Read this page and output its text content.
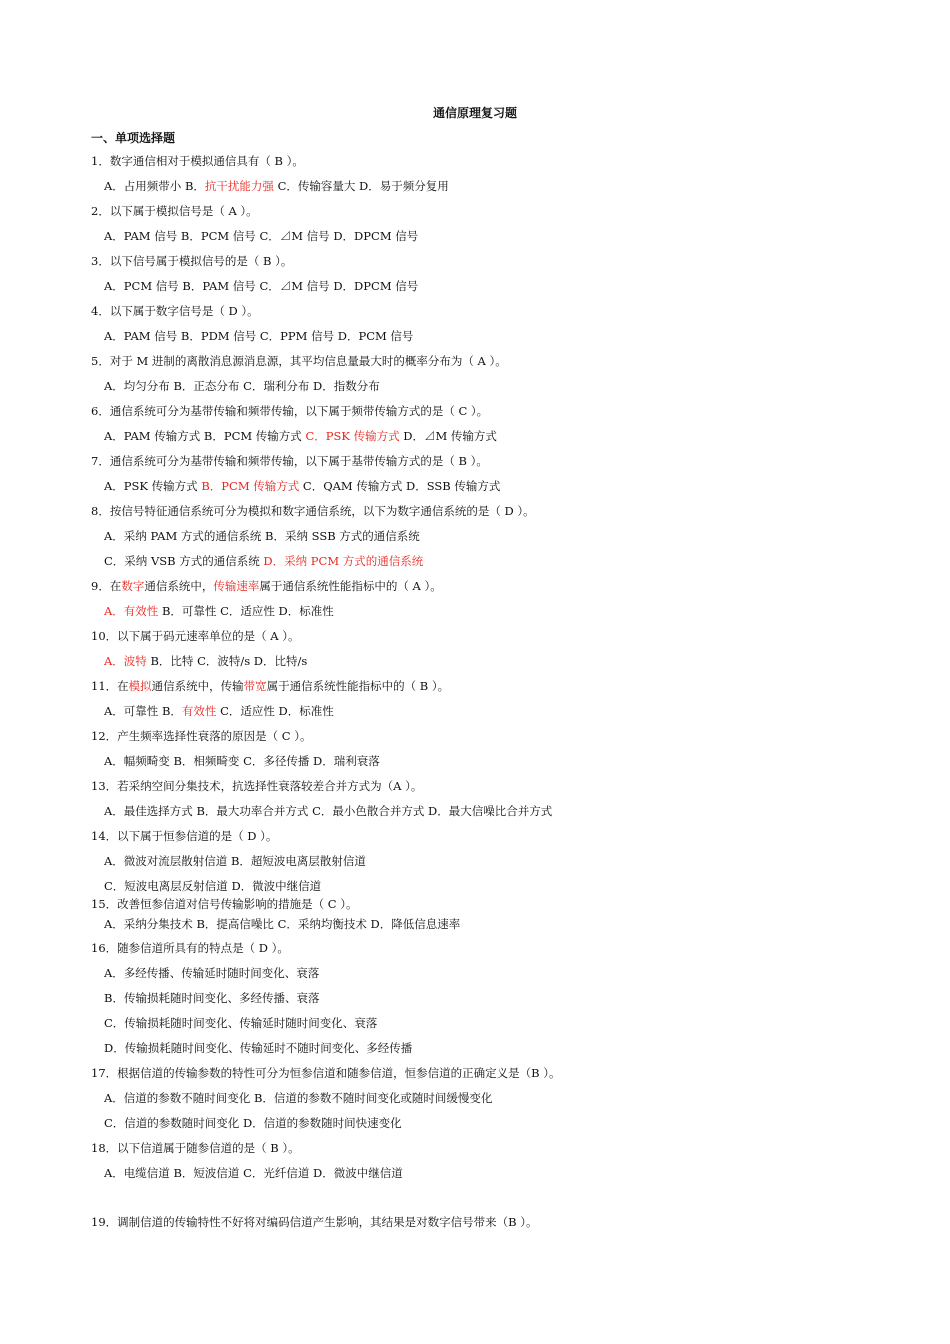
通信原理复习题
一、单项选择题
1．数字通信相对于模拟通信具有（ B ）。
A．占用频带小 B．抗干扰能力强 C．传输容量大 D．易于频分复用
2．以下属于模拟信号是（ A ）。
A．PAM 信号 B．PCM 信号 C．⊿M 信号 D．DPCM 信号
3．以下信号属于模拟信号的是（ B ）。
A．PCM 信号 B．PAM 信号 C．⊿M 信号 D．DPCM 信号
4．以下属于数字信号是（ D ）。
A．PAM 信号 B．PDM 信号 C．PPM 信号 D．PCM 信号
5．对于 M 进制的离散消息源消息源，其平均信息量最大时的概率分布为（ A ）。
A．均匀分布 B．正态分布 C．瑞利分布 D．指数分布
6．通信系统可分为基带传输和频带传输，以下属于频带传输方式的是（ C ）。
A．PAM 传输方式 B．PCM 传输方式 C．PSK 传输方式 D．⊿M 传输方式
7．通信系统可分为基带传输和频带传输，以下属于基带传输方式的是（ B ）。
A．PSK 传输方式 B．PCM 传输方式 C．QAM 传输方式 D．SSB 传输方式
8．按信号特征通信系统可分为模拟和数字通信系统，以下为数字通信系统的是（ D ）。
A．采纳 PAM 方式的通信系统 B．采纳 SSB 方式的通信系统
C．采纳 VSB 方式的通信系统 D．采纳 PCM 方式的通信系统
9．在数字通信系统中，传输速率属于通信系统性能指标中的（ A ）。
A．有效性 B．可靠性 C．适应性 D．标准性
10．以下属于码元速率单位的是（ A ）。
A．波特 B．比特 C．波特/s D．比特/s
11．在模拟通信系统中，传输带宽属于通信系统性能指标中的（ B ）。
A．可靠性 B．有效性 C．适应性 D．标准性
12．产生频率选择性衰落的原因是（ C ）。
A．幅频畸变 B．相频畸变 C．多径传播 D．瑞利衰落
13．若采纳空间分集技术，抗选择性衰落较差合并方式为（A ）。
A．最佳选择方式 B．最大功率合并方式 C．最小色散合并方式 D．最大信噪比合并方式
14．以下属于恒参信道的是（ D ）。
A．微波对流层散射信道 B．超短波电离层散射信道
C．短波电离层反射信道 D．微波中继信道
15．改善恒参信道对信号传输影响的措施是（ C ）。
A．采纳分集技术 B．提高信噪比 C．采纳均衡技术 D．降低信息速率
16．随参信道所具有的特点是（ D ）。
A．多经传播、传输延时随时间变化、衰落
B．传输损耗随时间变化、多经传播、衰落
C．传输损耗随时间变化、传输延时随时间变化、衰落
D．传输损耗随时间变化、传输延时不随时间变化、多经传播
17．根据信道的传输参数的特性可分为恒参信道和随参信道，恒参信道的正确定义是（B ）。
A．信道的参数不随时间变化 B．信道的参数不随时间变化或随时间缓慢变化
C．信道的参数随时间变化 D．信道的参数随时间快速变化
18．以下信道属于随参信道的是（ B ）。
A．电缆信道 B．短波信道 C．光纤信道 D．微波中继信道
19．调制信道的传输特性不好将对编码信道产生影响，其结果是对数字信号带来（B ）。
